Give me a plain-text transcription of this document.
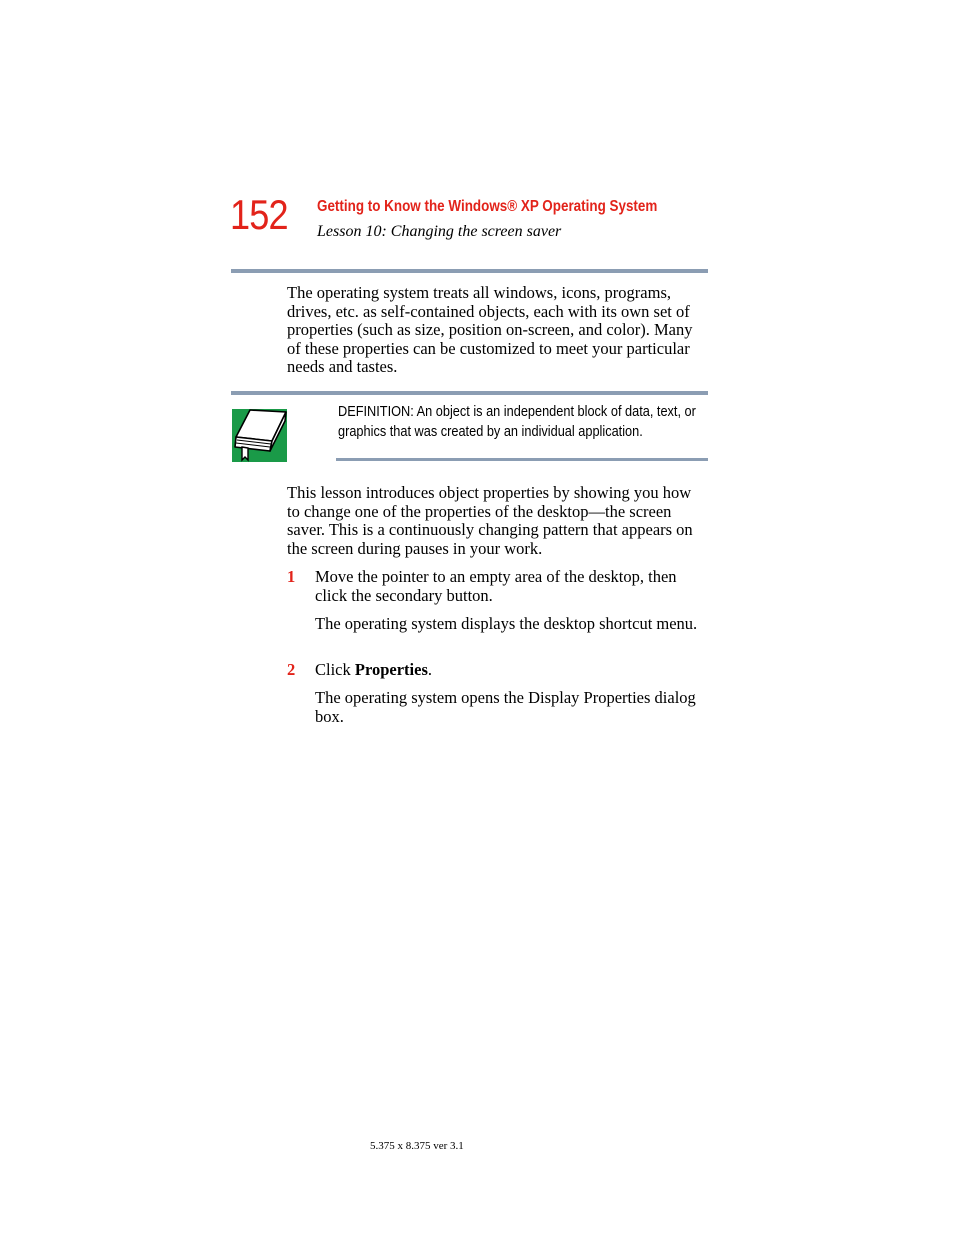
152 Getting to Know the Windows® XP Operating System
Lesson 10: Changing the screen saver

The operating system treats all windows, icons, programs, drives, etc. as self-contained objects, each with its own set of properties (such as size, position on-screen, and color). Many of these properties can be customized to meet your particular needs and tastes.

DEFINITION: An object is an independent block of data, text, or graphics that was created by an individual application.

This lesson introduces object properties by showing you how to change one of the properties of the desktop—the screen saver. This is a continuously changing pattern that appears on the screen during pauses in your work.

1 Move the pointer to an empty area of the desktop, then click the secondary button.

The operating system displays the desktop shortcut menu.

2 Click Properties.

The operating system opens the Display Properties dialog box.

5.375 x 8.375 ver 3.1
